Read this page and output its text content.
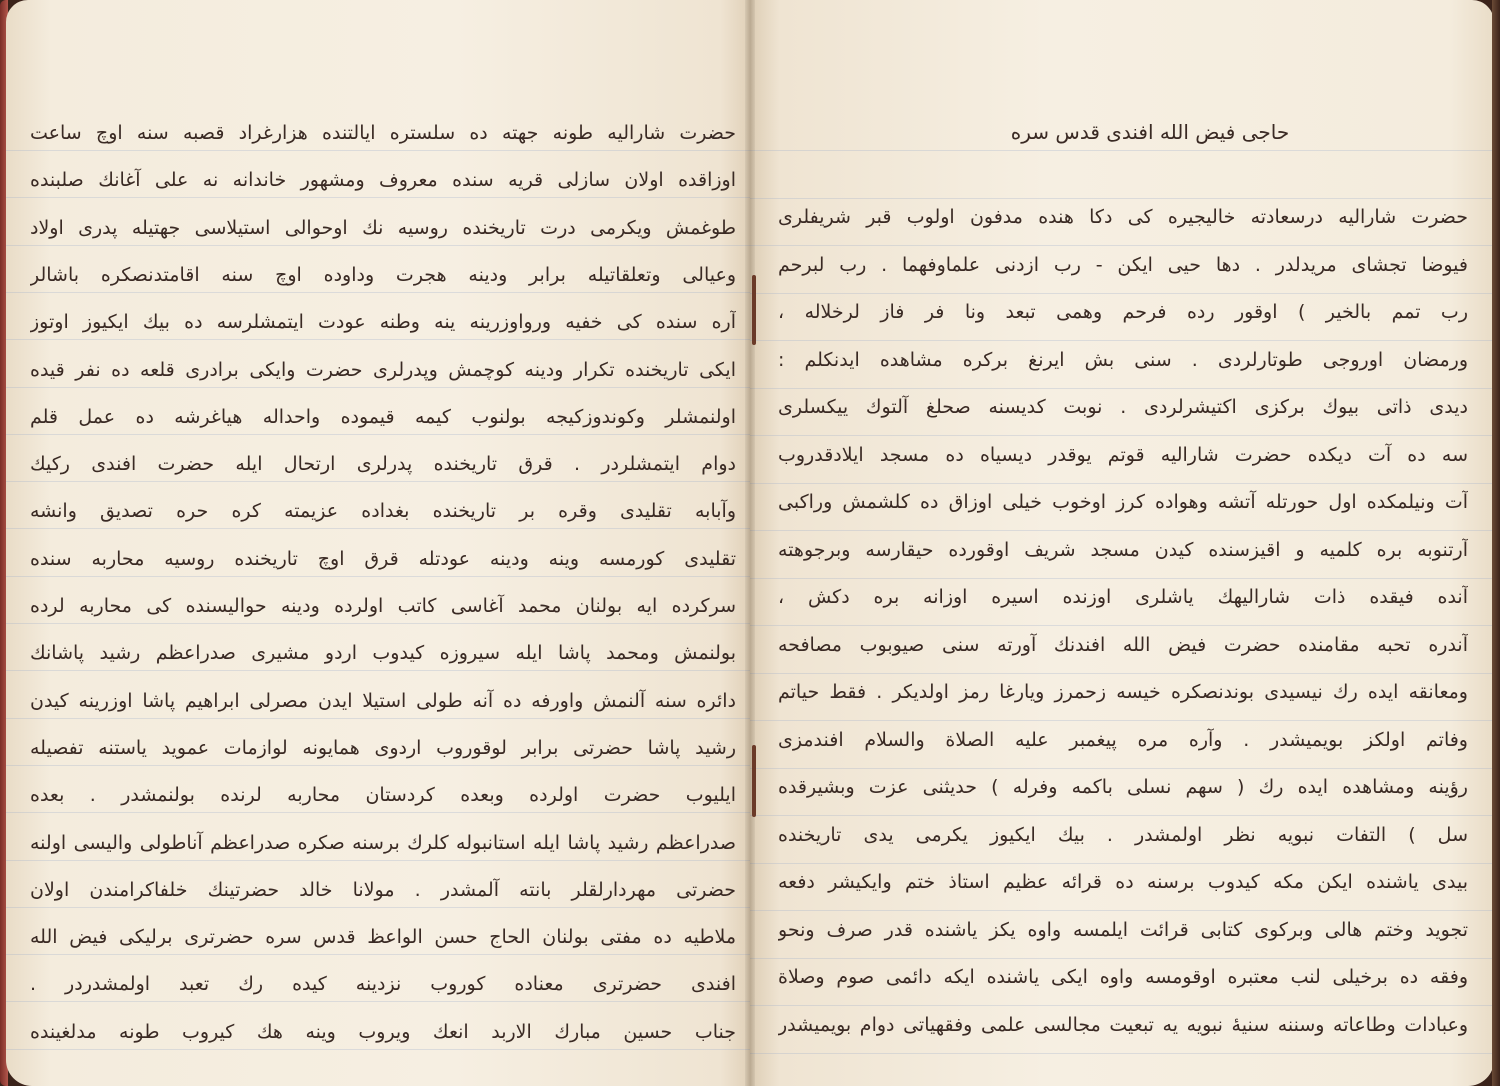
حضرت شارالیه طونه جهته ده سلستره ایالتنده هزارغراد قصبه سنه اوچ ساعت
اوزاقده اولان سازلی قریه سنده معروف ومشهور خاندانه نه علی آغانك صلبنده
طوغمش ویکرمی درت تاریخنده روسیه نك اوحوالی استیلاسی جهتیله پدری اولاد
وعیالی وتعلقاتیله برابر ودینه هجرت وداوده اوچ سنه اقامتدنصكره باشالر
آره سنده کی خفیه ورواوزرینه ینه وطنه عودت ایتمشلرسه ده بیك ایکیوز اوتوز
ایکی تاریخنده تکرار ودینه کوچمش وپدرلری حضرت وایکی برادری قلعه ده نفر قیده
اولنمشلر وکوندوزکیجه بولنوب کیمه قیموده واحداله هیاغرشه ده عمل قلم
دوام ایتمشلردر . قرق تاریخنده پدرلری ارتحال ایله حضرت افندی رکیك
وآبابه تقلیدی وقره بر تاریخنده بغداده عزیمته کره حره تصدیق وانشه
تقلیدی کورمسه وینه ودینه عودتله قرق اوچ تاریخنده روسیه محاربه سنده
سرکرده ایه بولنان محمد آغاسی کاتب اولرده ودینه حوالیسنده کی محاربه لرده
بولنمش ومحمد پاشا ایله سیروزه کیدوب اردو مشیری صدراعظم رشید پاشانك
دائره سنه آلنمش واورفه ده آنه طولی استیلا ایدن مصرلی ابراهیم پاشا اوزرینه کیدن
رشید پاشا حضرتی برابر لوقوروب اردوی همایونه لوازمات عموید یاستنه تفصیله
ایلیوب حضرت اولرده وبعده کردستان محاربه لرنده بولنمشدر . بعده
صدراعظم رشید پاشا ایله استانبوله کلرك برسنه صکره صدراعظم آناطولی والیسی اولنه
حضرتی مهردارلقلر بانته آلمشدر . مولانا خالد حضرتینك خلفاکرامندن اولان
ملاطیه ده مفتی بولنان الحاج حسن الواعظ قدس سره حضرتری برلیکی فیض الله
افندی حضرتری معناده کوروب نزدینه کیده رك تعبد اولمشدردر .
جناب حسین مبارك الاربد انعك ویروب وینه هك كیروب طونه مدلغینده
حاجی فیض الله افندی قدس سره
حضرت شارالیه درسعادته خالیجیره کی دکا هنده مدفون اولوب قبر شریفلری
فیوضا تجشای مریدلدر . دها حیی ایکن - رب ازدنی علماوفهما . رب لبرحم
رب تمم بالخیر ) اوقور رده فرحم وهمی تبعد ونا فر فاز لرخلاله ،
ورمضان اوروجی طوتارلردی . سنی بش ایرنغ برکره مشاهده ایدنکلم :
دیدی ذاتی بیوك برکزی اکتیشرلردی . نوبت کدیسنه صحلغ آلتوك ییکسلری
سه ده آت دیکده حضرت شارالیه قوتم یوقدر دیسیاه ده مسجد ایلادقدروب
آت ونیلمکده اول حورتله آتشه وهواده کرز اوخوب خیلی اوزاق ده کلشمش وراکبی
آرتنوبه بره کلمیه و اقیزسنده کیدن مسجد شریف اوقورده حیقارسه وبرجوهته
آنده فیقده ذات شارالیهك یاشلری اوزنده اسیره اوزانه بره دکش ،
آندره تحبه مقامنده حضرت فیض الله افندنك آورته سنی صیوبوب مصافحه
ومعانقه ایده رك نیسیدی بوندنصكره خیسه زحمرز ویارغا رمز اولدیکر . فقط حیاتم
وفاتم اولکز بویمیشدر . وآره مره پیغمبر علیه الصلاة والسلام افندمزی
رؤینه ومشاهده ایده رك ( سهم نسلی باکمه وفرله ) حدیثنی عزت وبشیرقده
سل ) التفات نبویه نظر اولمشدر . بیك ایکیوز یکرمی یدی تاریخنده
بیدی یاشنده ایکن مکه کیدوب برسنه ده قرائه عظیم استاذ ختم وایکیشر دفعه
تجوید وختم هالی وبرکوی کتابی قرائت ایلمسه واوه یکز یاشنده قدر صرف ونحو
وفقه ده برخیلی لنب معتبره اوقومسه واوه ایکی یاشنده ایکه دائمی صوم وصلاة
وعبادات وطاعاته وسننه سنیهٔ نبویه یه تبعیت مجالسی علمی وفقهیاتی دوام بویمیشدر
